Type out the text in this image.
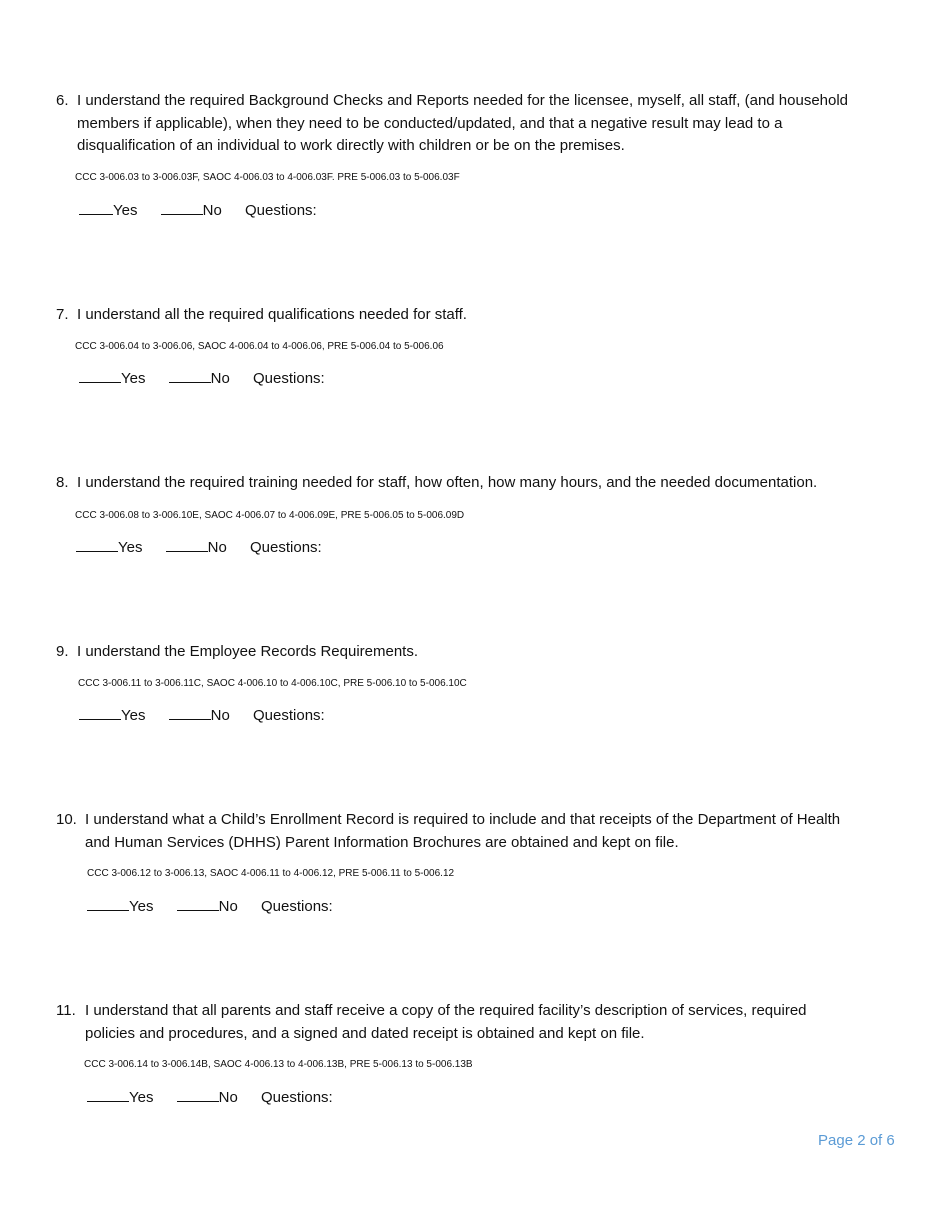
6. I understand the required Background Checks and Reports needed for the licensee, myself, all staff, (and household
members if applicable), when they need to be conducted/updated, and that a negative result may lead to a
disqualification of an individual to work directly with children or be on the premises.
CCC 3-006.03 to 3-006.03F, SAOC 4-006.03 to 4-006.03F. PRE 5-006.03 to 5-006.03F
Yes	No Questions:
7. I understand all the required qualifications needed for staff.
CCC 3-006.04 to 3-006.06, SAOC 4-006.04 to 4-006.06, PRE 5-006.04 to 5-006.06
Yes	No Questions:
8. I understand the required training needed for staff, how often, how many hours, and the needed documentation.
CCC 3-006.08 to 3-006.10E, SAOC 4-006.07 to 4-006.09E, PRE 5-006.05 to 5-006.09D
Yes	No Questions:
9. I understand the Employee Records Requirements.
CCC 3-006.11 to 3-006.11C, SAOC 4-006.10 to 4-006.10C, PRE 5-006.10 to 5-006.10C
Yes	No Questions:
10. I understand what a Child’s Enrollment Record is required to include and that receipts of the Department of Health
and Human Services (DHHS) Parent Information Brochures are obtained and kept on file.
CCC 3-006.12 to 3-006.13, SAOC 4-006.11 to 4-006.12, PRE 5-006.11 to 5-006.12
Yes	No Questions:
11. I understand that all parents and staff receive a copy of the required facility’s description of services, required
policies and procedures, and a signed and dated receipt is obtained and kept on file.
CCC 3-006.14 to 3-006.14B, SAOC 4-006.13 to 4-006.13B, PRE 5-006.13 to 5-006.13B
Yes	No Questions:
Page 2 of 6
